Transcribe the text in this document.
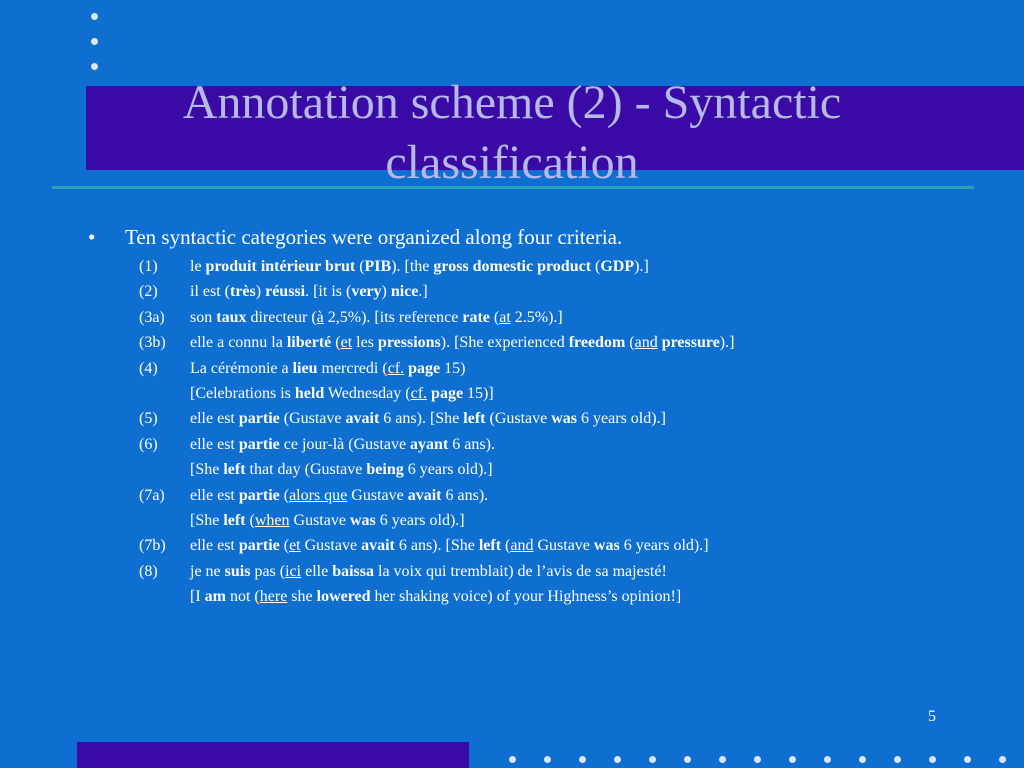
Annotation scheme (2) - Syntactic
classification
• Ten syntactic categories were organized along four criteria.
(1) le produit intérieur brut (PIB). [the gross domestic product (GDP).]
(2) il est (très) réussi. [it is (very) nice.]
(3a) son taux directeur (à 2,5%). [its reference rate (at 2.5%).]
(3b) elle a connu la liberté (et les pressions). [She experienced freedom (and pressure).]
(4) La cérémonie a lieu mercredi (cf. page 15)
[Celebrations is held Wednesday (cf. page 15)]
(5) elle est partie (Gustave avait 6 ans). [She left (Gustave was 6 years old).]
(6) elle est partie ce jour-là (Gustave ayant 6 ans).
[She left that day (Gustave being 6 years old).]
(7a) elle est partie (alors que Gustave avait 6 ans).
[She left (when Gustave was 6 years old).]
(7b) elle est partie (et Gustave avait 6 ans). [She left (and Gustave was 6 years old).]
(8) je ne suis pas (ici elle baissa la voix qui tremblait) de l’avis de sa majesté!
[I am not (here she lowered her shaking voice) of your Highness’s opinion!]
5
